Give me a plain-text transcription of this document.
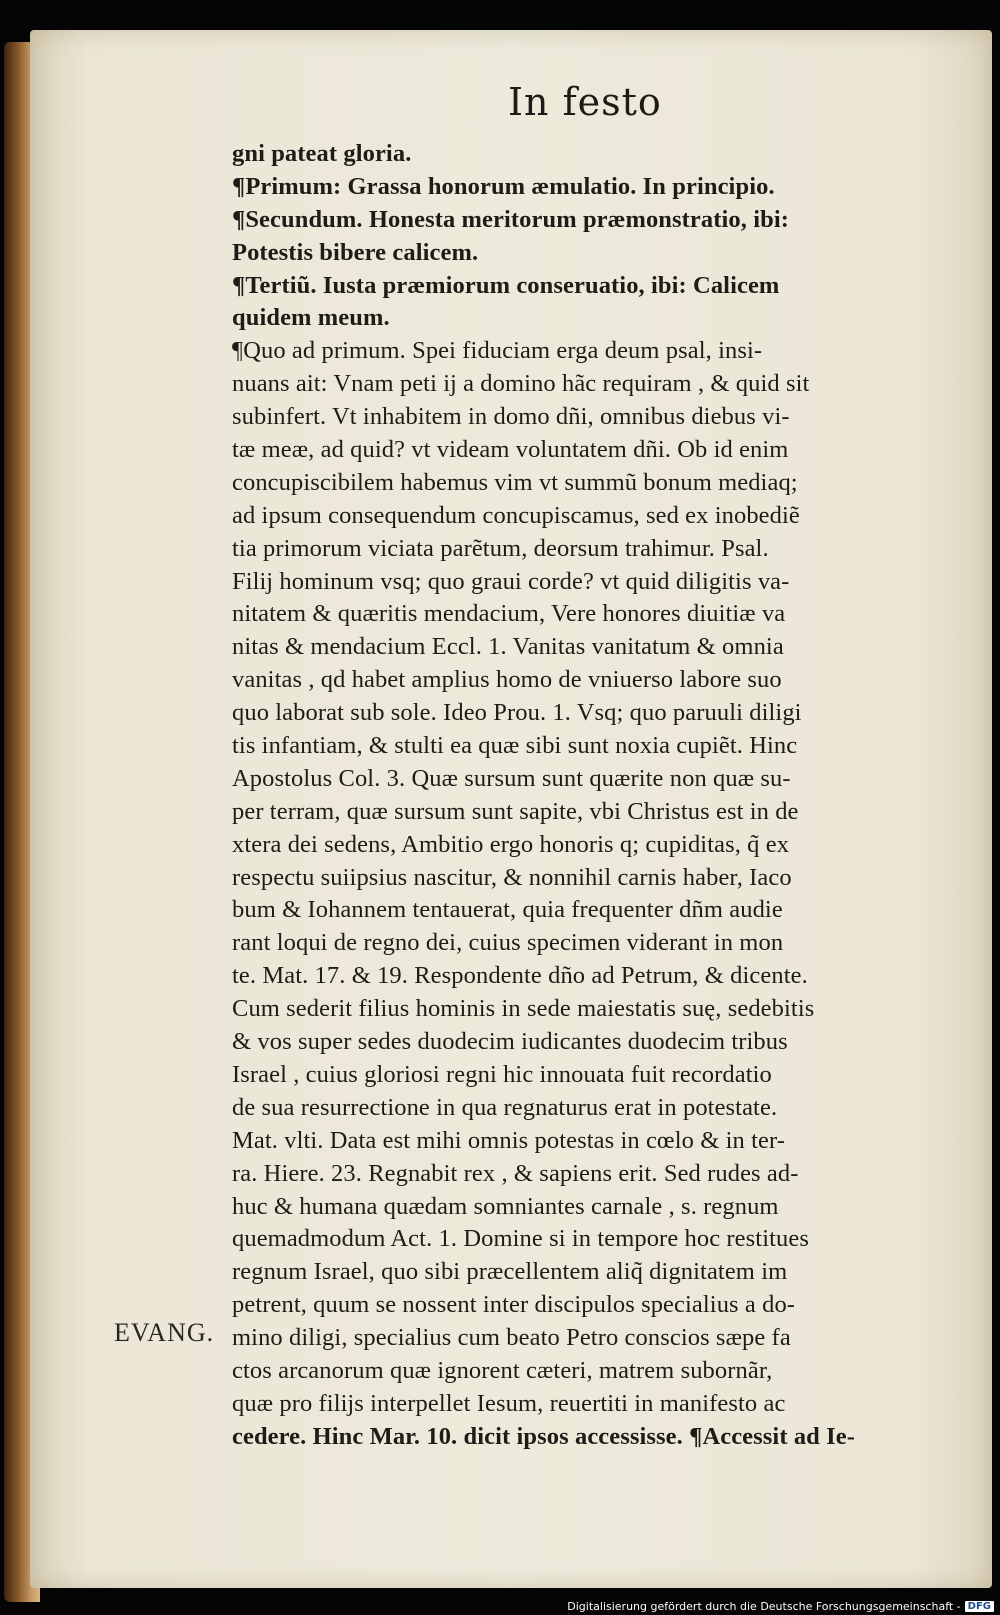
In festo
gni pateat gloria.
¶Primum: Grassa honorum æmulatio. In principio.
¶Secundum. Honesta meritorum præmonstratio, ibi:
Potestis bibere calicem.
¶Tertiũ. Iusta præmiorum conseruatio, ibi: Calicem
quidem meum.
¶Quo ad primum. Spei fiduciam erga deum psal, insi-
nuans ait: Vnam peti ĳ a domino hãc requiram , & quid sit
subinfert. Vt inhabitem in domo dñi, omnibus diebus vi-
tæ meæ, ad quid? vt videam voluntatem dñi. Ob id enim
concupiscibilem habemus vim vt summũ bonum mediaq;
ad ipsum consequendum concupiscamus, sed ex inobediẽ
tia primorum viciata parẽtum, deorsum trahimur. Psal.
Filĳ hominum vsq; quo graui corde? vt quid diligitis va-
nitatem & quæritis mendacium, Vere honores diuitiæ va
nitas & mendacium Eccl. 1. Vanitas vanitatum & omnia
vanitas , qd habet amplius homo de vniuerso labore suo
quo laborat sub sole. Ideo Prou. 1. Vsq; quo paruuli diligi
tis infantiam, & stulti ea quæ sibi sunt noxia cupiẽt. Hinc
Apostolus Col. 3. Quæ sursum sunt quærite non quæ su-
per terram, quæ sursum sunt sapite, vbi Christus est in de
xtera dei sedens, Ambitio ergo honoris q; cupiditas, q̃ ex
respectu suiipsius nascitur, & nonnihil carnis haber, Iaco
bum & Iohannem tentauerat, quia frequenter dñm audie
rant loqui de regno dei, cuius specimen viderant in mon
te. Mat. 17. & 19. Respondente dño ad Petrum, & dicente.
Cum sederit filius hominis in sede maiestatis suę, sedebitis
& vos super sedes duodecim iudicantes duodecim tribus
Israel , cuius gloriosi regni hic innouata fuit recordatio
de sua resurrectione in qua regnaturus erat in potestate.
Mat. vlti. Data est mihi omnis potestas in cœlo & in ter-
ra. Hiere. 23. Regnabit rex , & sapiens erit. Sed rudes ad-
huc & humana quædam somniantes carnale , s. regnum
quemadmodum Act. 1. Domine si in tempore hoc restitues
regnum Israel, quo sibi præcellentem aliq̃ dignitatem im
petrent, quum se nossent inter discipulos specialius a do-
mino diligi, specialius cum beato Petro conscios sæpe fa
ctos arcanorum quæ ignorent cæteri, matrem subornãr,
quæ pro filĳs interpellet Iesum, reuertiti in manifesto ac
cedere. Hinc Mar. 10. dicit ipsos accessisse. ¶Accessit ad Ie-
EVANG.
Digitalisierung gefördert durch die Deutsche Forschungsgemeinschaft - DFG
